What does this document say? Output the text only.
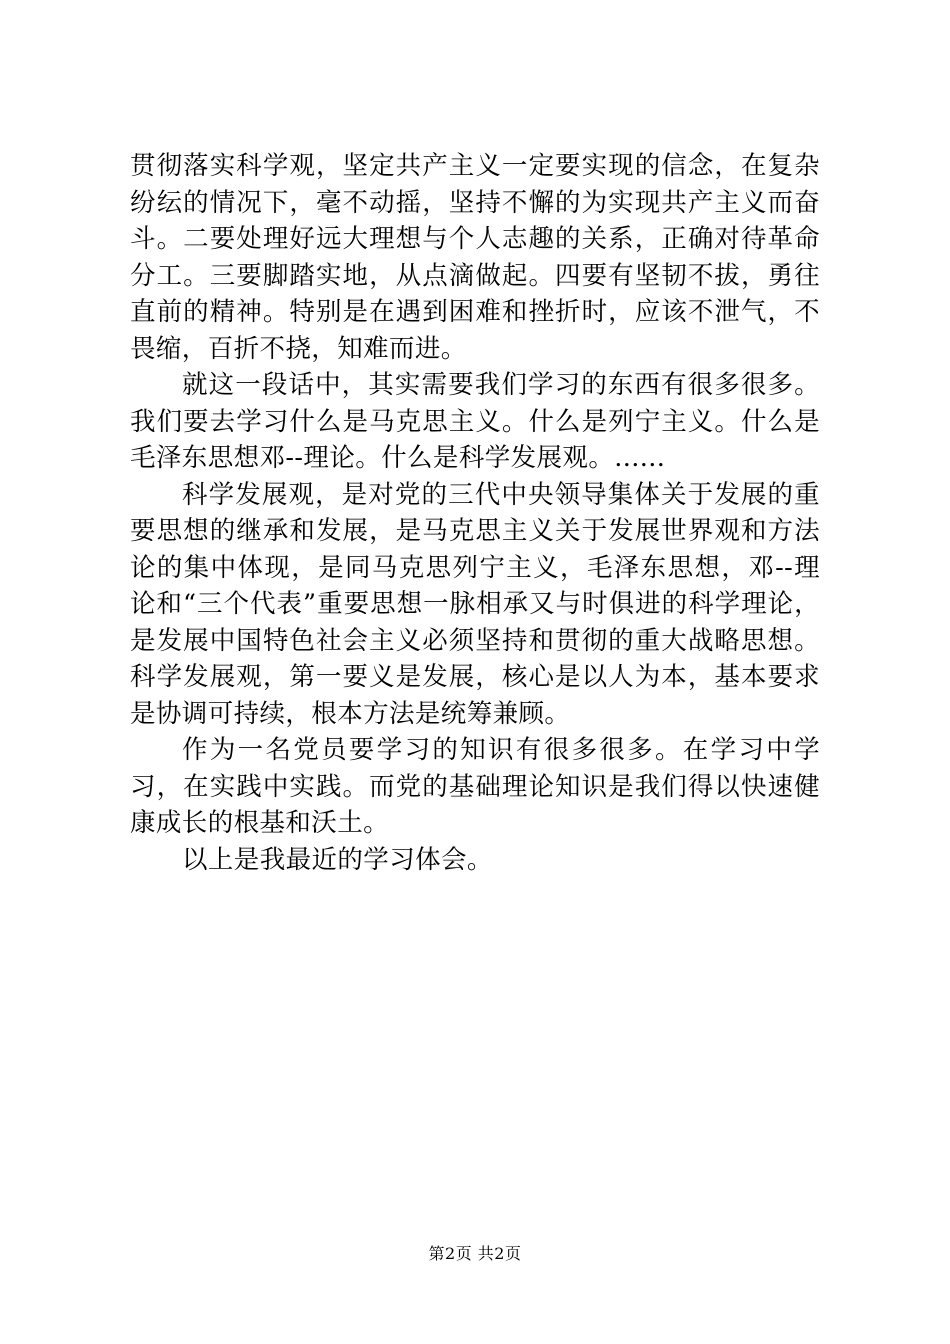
贯彻落实科学观，坚定共产主义一定要实现的信念，在复杂纷纭的情况下，毫不动摇，坚持不懈的为实现共产主义而奋斗。二要处理好远大理想与个人志趣的关系，正确对待革命分工。三要脚踏实地，从点滴做起。四要有坚韧不拔，勇往直前的精神。特别是在遇到困难和挫折时，应该不泄气，不畏缩，百折不挠，知难而进。

就这一段话中，其实需要我们学习的东西有很多很多。我们要去学习什么是马克思主义。什么是列宁主义。什么是毛泽东思想邓--理论。什么是科学发展观。......

科学发展观，是对党的三代中央领导集体关于发展的重要思想的继承和发展，是马克思主义关于发展世界观和方法论的集中体现，是同马克思列宁主义，毛泽东思想，邓--理论和“三个代表”重要思想一脉相承又与时俱进的科学理论，是发展中国特色社会主义必须坚持和贯彻的重大战略思想。科学发展观，第一要义是发展，核心是以人为本，基本要求是协调可持续，根本方法是统筹兼顾。

作为一名党员要学习的知识有很多很多。在学习中学习，在实践中实践。而党的基础理论知识是我们得以快速健康成长的根基和沃土。

以上是我最近的学习体会。

第2页 共2页
